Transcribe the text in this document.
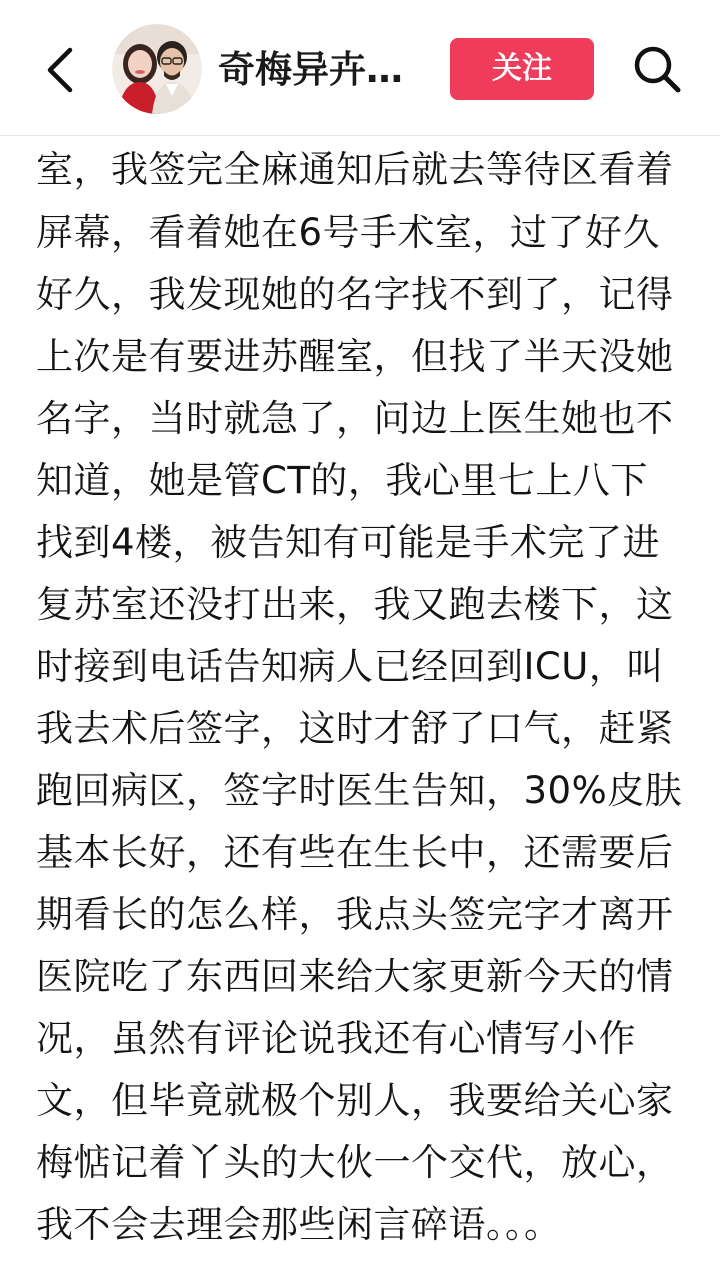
奇梅异卉…	关注
室，我签完全麻通知后就去等待区看着
屏幕，看着她在6号手术室，过了好久
好久，我发现她的名字找不到了，记得
上次是有要进苏醒室，但找了半天没她
名字，当时就急了，问边上医生她也不
知道，她是管CT的，我心里七上八下
找到4楼，被告知有可能是手术完了进
复苏室还没打出来，我又跑去楼下，这
时接到电话告知病人已经回到ICU，叫
我去术后签字，这时才舒了口气，赶紧
跑回病区，签字时医生告知，30%皮肤
基本长好，还有些在生长中，还需要后
期看长的怎么样，我点头签完字才离开
医院吃了东西回来给大家更新今天的情
况，虽然有评论说我还有心情写小作
文，但毕竟就极个别人，我要给关心家
梅惦记着丫头的大伙一个交代，放心，
我不会去理会那些闲言碎语。。。
